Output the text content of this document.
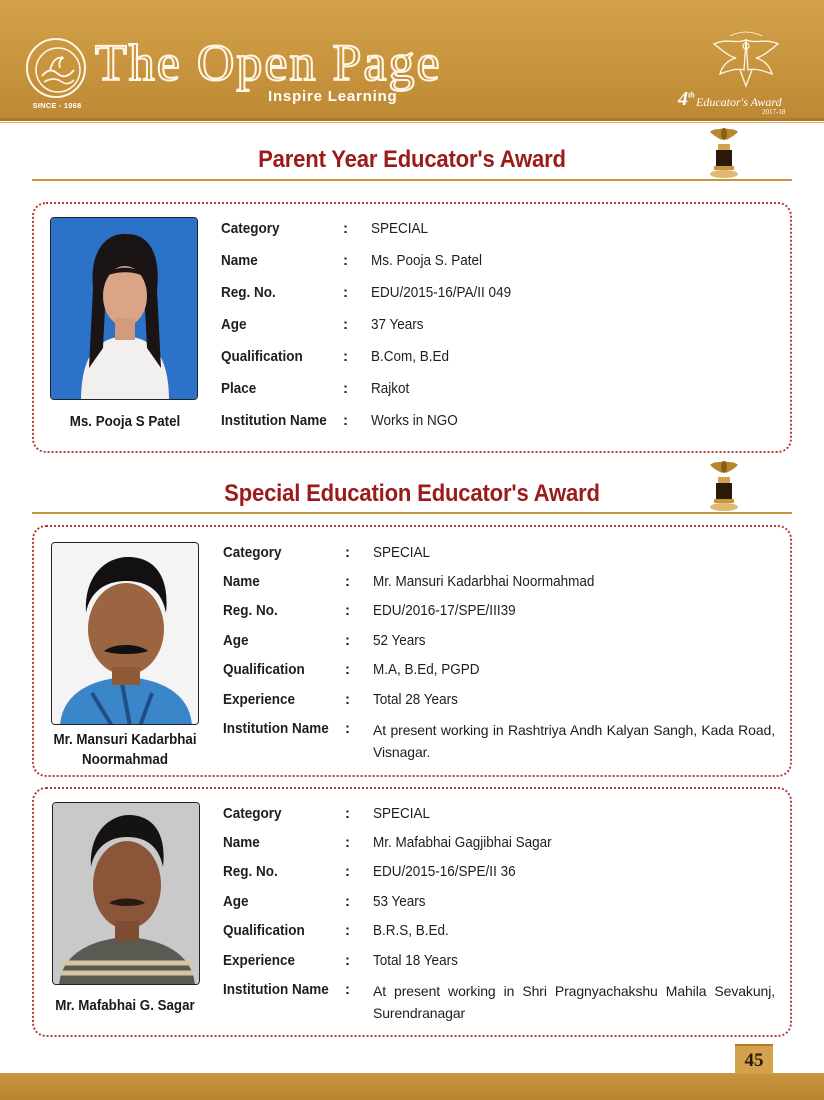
SINCE - 1968
The Open Page
Inspire Learning	4th
Educator's Award
2017-18
Parent Year Educator's Award
Ms. Pooja S Patel
Category	: SPECIAL
Name	: Ms. Pooja S. Patel
Reg. No.	: EDU/2015-16/PA/II 049
Age	: 37 Years
Qualification	: B.Com, B.Ed
Place	: Rajkot
Institution Name : Works in NGO
Special Education Educator's Award
Mr. Mansuri Kadarbhai
Noormahmad
Category	: SPECIAL
Name	: Mr. Mansuri Kadarbhai Noormahmad
Reg. No.	: EDU/2016-17/SPE/III39
Age	: 52 Years
Qualification	: M.A, B.Ed, PGPD
Experience	: Total 28 Years
Institution Name : At present working in Rashtriya Andh Kalyan Sangh, Kada Road, Visnagar.
Mr. Mafabhai G. Sagar
Category	: SPECIAL
Name	: Mr. Mafabhai Gagjibhai Sagar
Reg. No.	: EDU/2015-16/SPE/II 36
Age	: 53 Years
Qualification	: B.R.S, B.Ed.
Experience	: Total 18 Years
Institution Name : At present working in Shri Pragnyachakshu Mahila Sevakunj, Surendranagar
45
